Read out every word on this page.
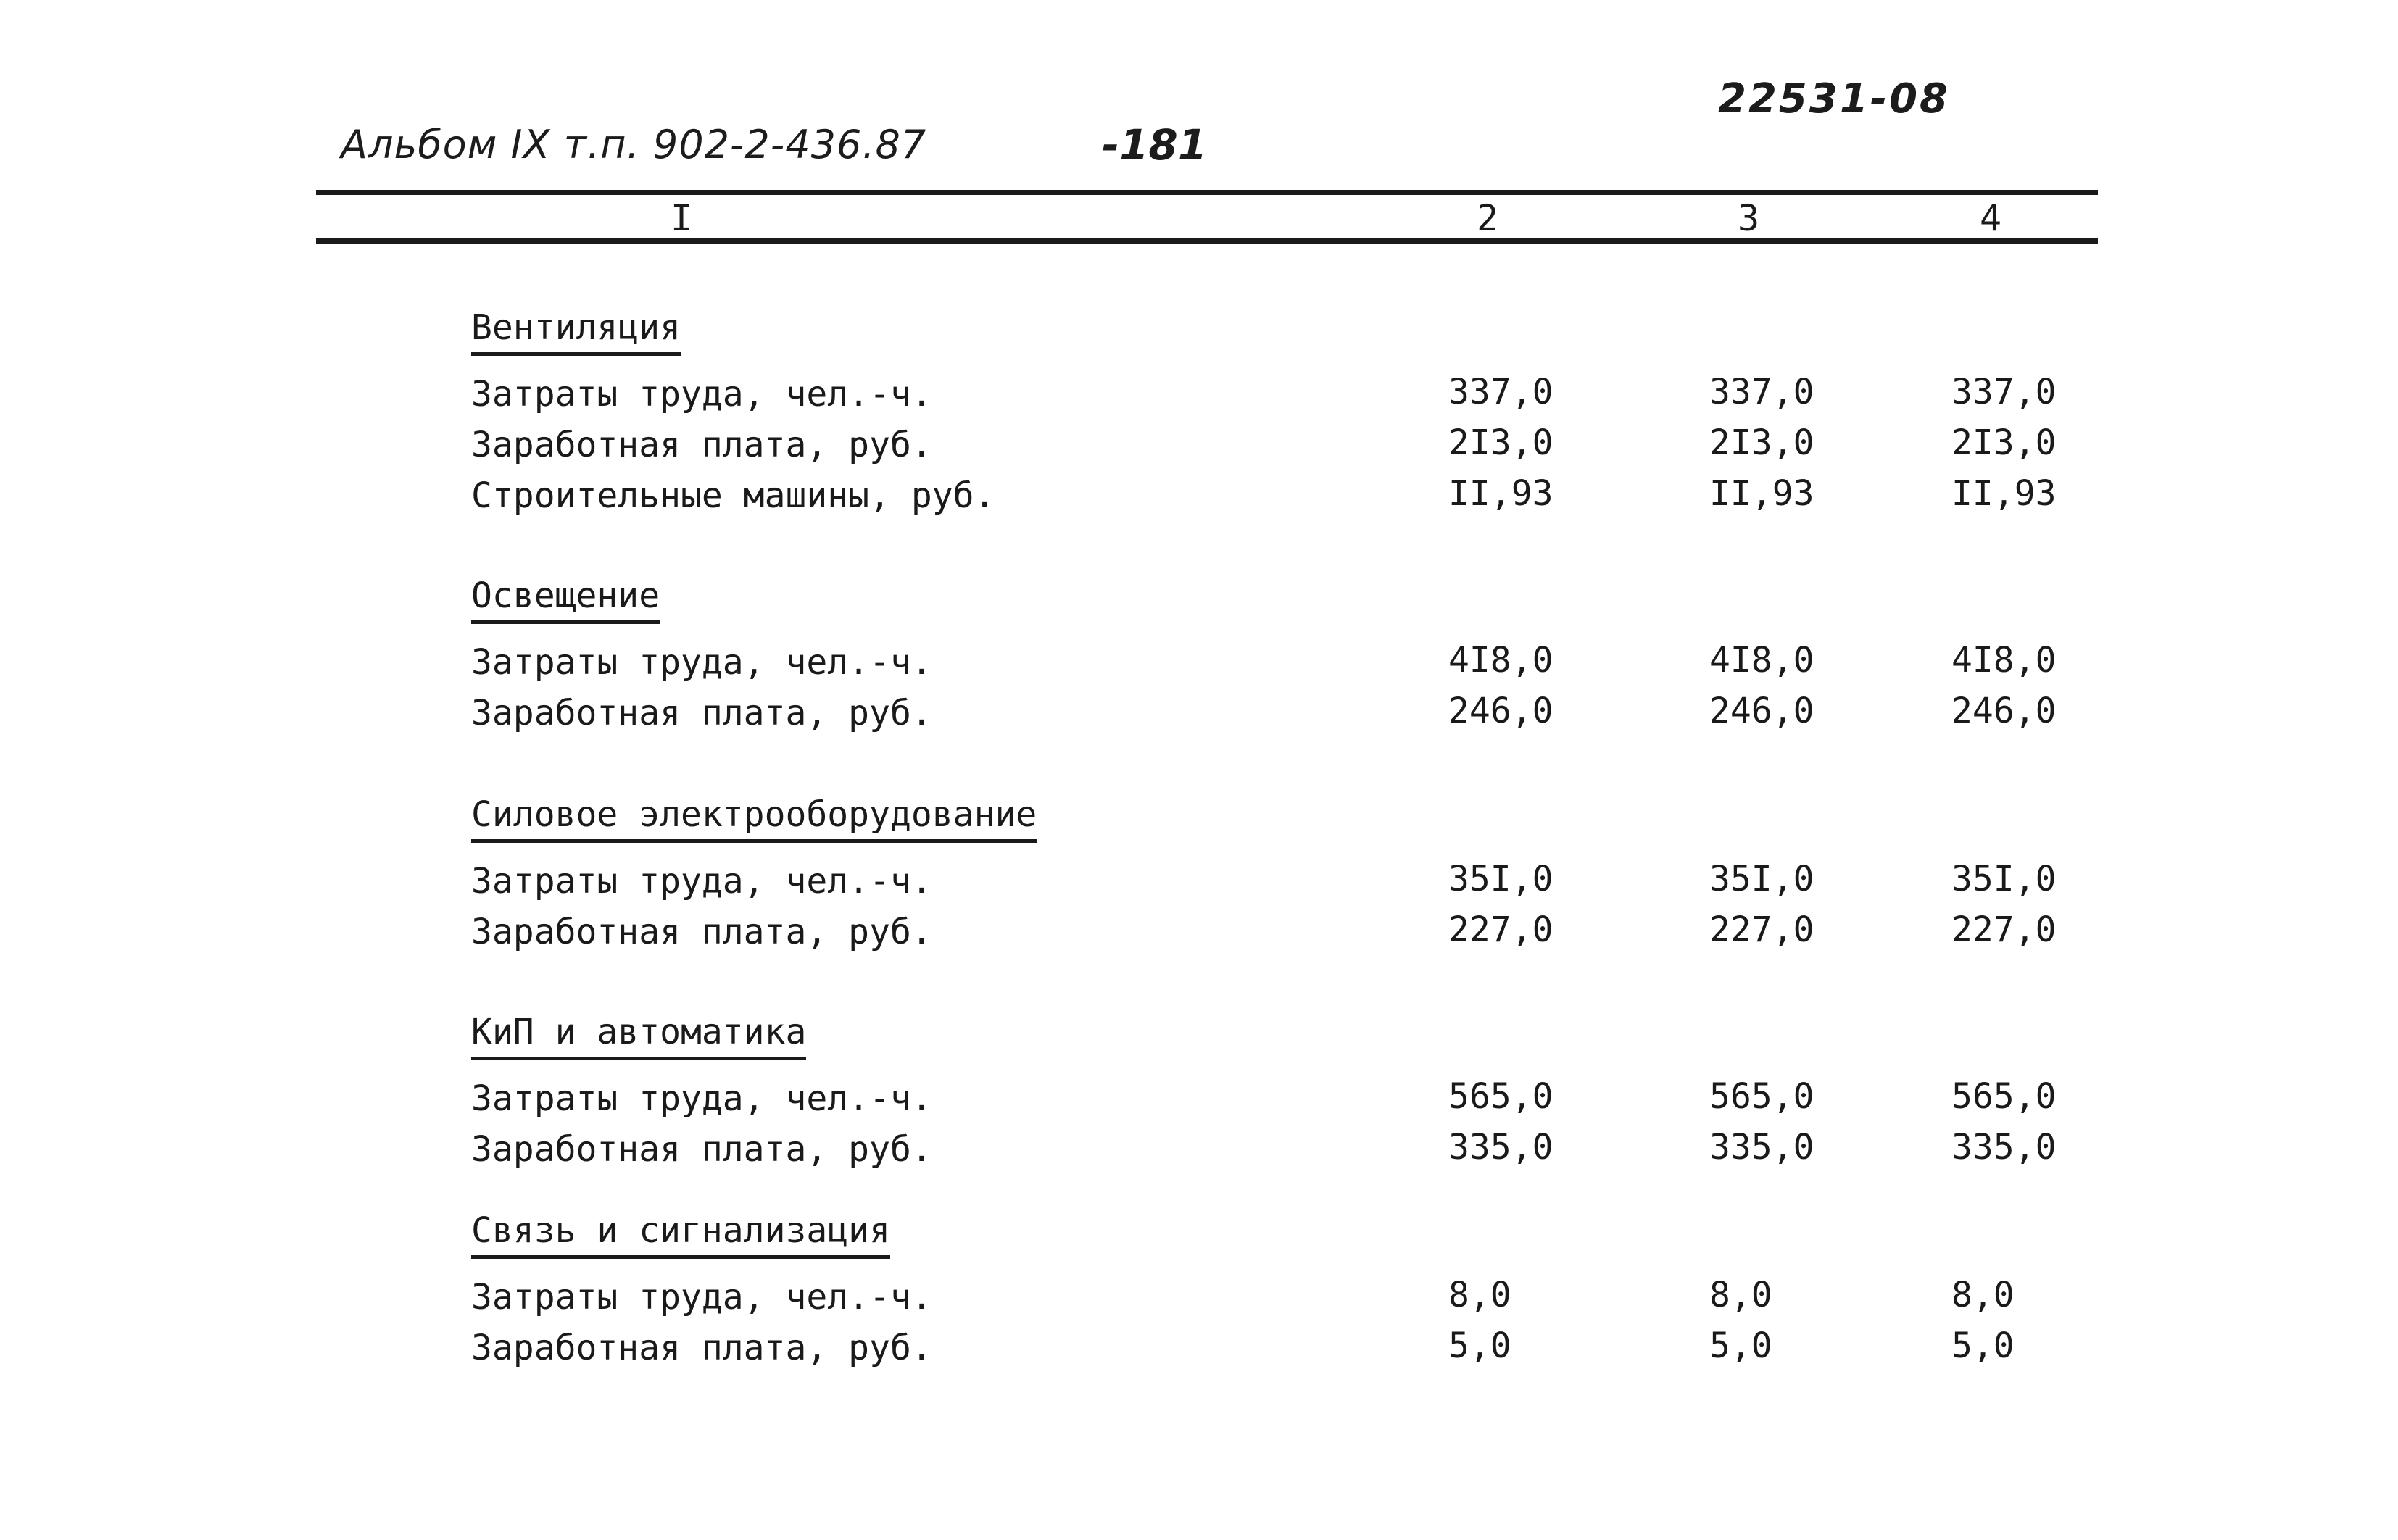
Альбом IX т.п. 902-2-436.87	-181
22531-08
I	2	3	4
Вентиляция
Затраты труда, чел.-ч.	337,0	337,0	337,0
Заработная плата, руб.	2I3,0	2I3,0	2I3,0
Строительные машины, руб.	II,93	II,93	II,93
Освещение
Затраты труда, чел.-ч.	4I8,0	4I8,0	4I8,0
Заработная плата, руб.	246,0	246,0	246,0
Силовое электрооборудование
Затраты труда, чел.-ч.	35I,0	35I,0	35I,0
Заработная плата, руб.	227,0	227,0	227,0
КиП и автоматика
Затраты труда, чел.-ч.	565,0	565,0	565,0
Заработная плата, руб.	335,0	335,0	335,0
Связь и сигнализация
Затраты труда, чел.-ч.	8,0	8,0	8,0
Заработная плата, руб.	5,0	5,0	5,0
